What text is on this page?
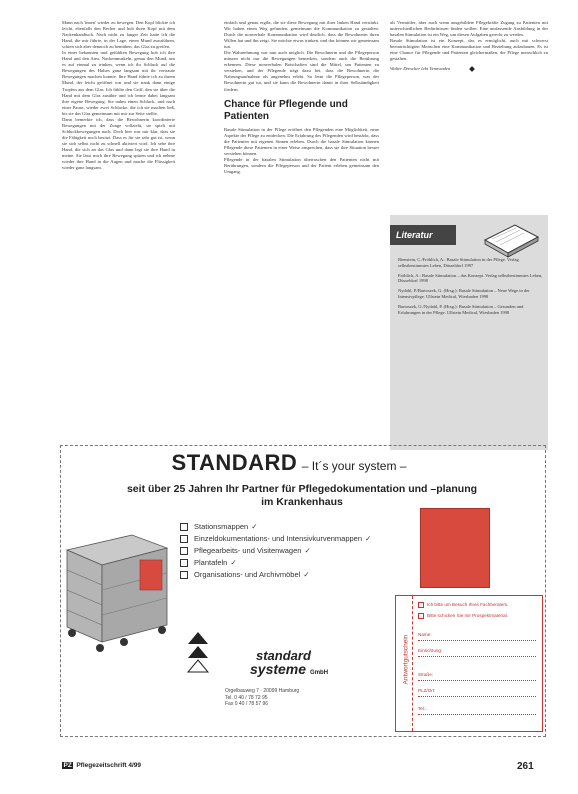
Mann nach 'innen' wieder zu bewegen. Den Kopf blickte ich leicht, ebenfalls den Becher und hob ihren Kopf mit dem Nackenhandtuch. Nach nicht zu langer Zeit hatte ich die Hand, die mir führte, in der Lage, einen Mund zuzuführen, schien sich aber dennoch zu bemühen, das Glas zu greifen.

In einer bekannten und gefühlten Bewegung hob ich ihre Hand und den Arm, Nackenmuskeln, genau den Mund, um es auf einmal zu trinken, wenn ich ihr Schluck auf die Bewegungen des Halses ganz langsam mit ihr vertraute Bewegungen machen konnte. Ihre Hand führte ich zu ihrem Mund, der leicht geöffnet war und sie trank dann einige Tropfen aus dem Glas. Ich fühlte den Griff, den sie über die Hand mit dem Glas ausübte und ich lernte dabei langsam ihre eigene Bewegung. Sie nahm einen Schluck, und nach einer Pause, wieder zwei Schlucke, die ich sie machen ließ, bis sie das Glas gemeinsam mit mir zur Seite stellte.

Dann bemerkte ich, dass die Bewohnerin koordinierte Bewegungen mit der Zunge vollzieht, sie spielt mit Schluckbewegungen nach. Doch hier war mir klar, dass sie die Fähigkeit noch besitzt. Dass es für sie sehr gut ist, wenn sie sich selbst nicht zu schnell aktiviert wird. Ich sehe ihre Hand, die sich an das Glas und dann legt sie ihre Hand in meine. Sie lässt mich ihre Bewegung spüren und ich nehme wieder ihre Hand in die Augen und mache die Flüssigkeit wieder ganz langsam.

einfach und genau ergibt, die sie diese Bewegung mit ihrer linken Hand verstärkt. Wir haben einen Weg gefunden, gemeinsam die Kommunikation zu gestalten. Durch die nonverbale Kommunikation wird deutlich, dass die Bewohnerin ihren Willen hat und ihn zeigt. Sie möchte etwas trinken, und das können wir gemeinsam tun.

Die Wahrnehmung war nun auch möglich. Die Bewohnerin und die Pflegeperson müssen nicht nur die Bewegungen bemerken, sondern auch die Berührung erkennen. Diese nonverbalen Botschaften sind die Mittel, um Patienten zu verstehen, und der Pflegende trägt dazu bei, dass die Bewohnerin die Nahrungsaufnahme als angenehm erlebt. So lernt die Pflegeperson, was der Bewohnerin gut tut, und sie kann die Bewohnerin damit in ihrer Selbständigkeit fördern.

Chance für Pflegende und Patienten

Basale Stimulation in der Pflege eröffnet den Pflegenden eine Möglichkeit, neue Aspekte der Pflege zu entdecken. Die Erfahrung des Pflegenden wird bestärkt, dass die Patienten mit eigenen Sinnen erleben. Durch die basale Stimulation können Pflegende diese Patienten in einer Weise ansprechen, dass sie ihre Situation besser verstehen können.

Pflegende in der basalen Stimulation überraschen den Patienten nicht mit Berührungen, sondern die Pflegeperson und der Patient erleben gemeinsam den Umgang.

als Vermittler, aber auch wenn ausgebildete Pflegekräfte Zugang zu Patienten mit unterschiedlichen Bedürfnissen finden wollen. Eine umfassende Ausbildung in der basalen Stimulation ist ein Weg, um diesen Aufgaben gerecht zu werden.

Basale Stimulation ist ein Konzept, das es ermöglicht, auch mit schwerst beeinträchtigten Menschen eine Kommunikation und Beziehung aufzubauen. Es ist eine Chance für Pflegende und Patienten gleichermaßen, die Pflege menschlich zu gestalten.

Walter Drescher lebt Vennwaden

Literatur
Bienstein, C./Fröhlich, A.: Basale Stimulation in der Pflege. Verlag selbstbestimmtes Leben, Düsseldorf 1997
Fröhlich, A.: Basale Stimulation – das Konzept. Verlag selbstbestimmtes Leben, Düsseldorf 1998
Nydahl, P./Bartoszek, G. (Hrsg.): Basale Stimulation – Neue Wege in der Intensivpflege. Ullstein Medical, Wiesbaden 1998
Bartoszek, G./Nydahl, P. (Hrsg.): Basale Stimulation – Gesunden und Erfahrungen in der Pflege. Ullstein Medical, Wiesbaden 1998
STANDARD – It´s your system –
seit über 25 Jahren Ihr Partner für Pflegedokumentation und –planung
im Krankenhaus
Stationsmappen ✓
Einzeldokumentations- und Intensivkurvenmappen ✓
Pflegearbeits- und Visitenwagen ✓
Plantafeln ✓
Organisations- und Archivmöbel ✓
standard
systeme GmbH
Orgelbauweg 7 · 20099 Hamburg
Tel. 0 40 / 78 72 95
Fax 0 40 / 78 57 96
Antwortgutschein
Ich bitte um Besuch Ihres Fachberaters.
Bitte schicken Sie mir Prospektmaterial.
Name:
Einrichtung:
Straße:
PLZ/Ort:
Tel.:
PZ Pflegezeitschrift 4/99	261
